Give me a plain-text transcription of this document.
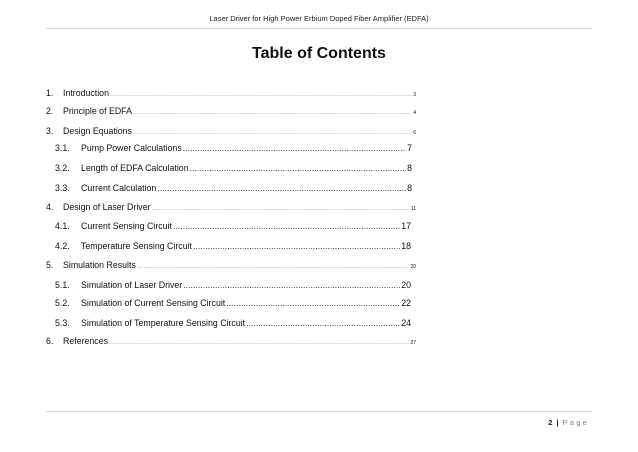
Laser Driver for High Power Erbium Doped Fiber Amplifier (EDFA)
Table of Contents
1.	Introduction .....	3
2.	Principle of EDFA .....	4
3.	Design Equations .....	6
3.1.	Pump Power Calculations .....	7
3.2.	Length of EDFA Calculation .....	8
3.3.	Current Calculation .....	8
4.	Design of Laser Driver .....	11
4.1.	Current Sensing Circuit .....	17
4.2.	Temperature Sensing Circuit .....	18
5.	Simulation Results .....	20
5.1.	Simulation of Laser Driver .....	20
5.2.	Simulation of Current Sensing Circuit .....	22
5.3.	Simulation of Temperature Sensing Circuit .....	24
6.	References .....	27
2 | Page
